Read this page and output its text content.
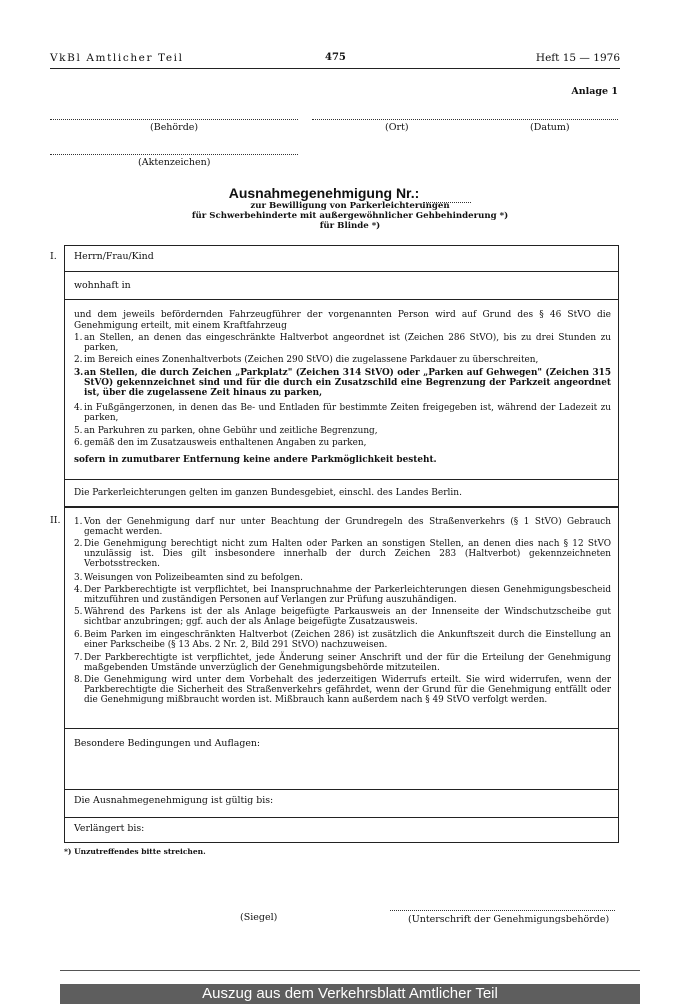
VkBl Amtlicher Teil	475	Heft 15 — 1976
Anlage 1
(Behörde)	(Ort)	(Datum)
(Aktenzeichen)
Ausnahmegenehmigung Nr.:
zur Bewilligung von Parkerleichterungen
für Schwerbehinderte mit außergewöhnlicher Gehbehinderung *)
für Blinde *)
I. Herrn/Frau/Kind
wohnhaft in
und dem jeweils befördernden Fahrzeugführer der vorgenannten Person wird auf Grund des § 46 StVO die Genehmigung erteilt, mit einem Kraftfahrzeug
1. an Stellen, an denen das eingeschränkte Haltverbot angeordnet ist (Zeichen 286 StVO), bis zu drei Stunden zu parken,
2. im Bereich eines Zonenhaltverbots (Zeichen 290 StVO) die zugelassene Parkdauer zu überschreiten,
3. an Stellen, die durch Zeichen „Parkplatz" (Zeichen 314 StVO) oder „Parken auf Gehwegen" (Zeichen 315 StVO) gekennzeichnet sind und für die durch ein Zusatzschild eine Begrenzung der Parkzeit angeordnet ist, über die zugelassene Zeit hinaus zu parken,
4. in Fußgängerzonen, in denen das Be- und Entladen für bestimmte Zeiten freigegeben ist, während der Ladezeit zu parken,
5. an Parkuhren zu parken, ohne Gebühr und zeitliche Begrenzung,
6. gemäß den im Zusatzausweis enthaltenen Angaben zu parken,
sofern in zumutbarer Entfernung keine andere Parkmöglichkeit besteht.
Die Parkerleichterungen gelten im ganzen Bundesgebiet, einschl. des Landes Berlin.
II. 1. Von der Genehmigung darf nur unter Beachtung der Grundregeln des Straßenverkehrs (§ 1 StVO) Gebrauch gemacht werden.
2. Die Genehmigung berechtigt nicht zum Halten oder Parken an sonstigen Stellen, an denen dies nach § 12 StVO unzulässig ist. Dies gilt insbesondere innerhalb der durch Zeichen 283 (Haltverbot) gekennzeichneten Verbotsstrecken.
3. Weisungen von Polizeibeamten sind zu befolgen.
4. Der Parkberechtigte ist verpflichtet, bei Inanspruchnahme der Parkerleichterungen diesen Genehmigungsbescheid mitzuführen und zuständigen Personen auf Verlangen zur Prüfung auszuhändigen.
5. Während des Parkens ist der als Anlage beigefügte Parkausweis an der Innenseite der Windschutzscheibe gut sichtbar anzubringen; ggf. auch der als Anlage beigefügte Zusatzausweis.
6. Beim Parken im eingeschränkten Haltverbot (Zeichen 286) ist zusätzlich die Ankunftszeit durch die Einstellung an einer Parkscheibe (§ 13 Abs. 2 Nr. 2, Bild 291 StVO) nachzuweisen.
7. Der Parkberechtigte ist verpflichtet, jede Änderung seiner Anschrift und der für die Erteilung der Genehmigung maßgebenden Umstände unverzüglich der Genehmigungsbehörde mitzuteilen.
8. Die Genehmigung wird unter dem Vorbehalt des jederzeitigen Widerrufs erteilt. Sie wird widerrufen, wenn der Parkberechtigte die Sicherheit des Straßenverkehrs gefährdet, wenn der Grund für die Genehmigung entfällt oder die Genehmigung mißbraucht worden ist. Mißbrauch kann außerdem nach § 49 StVO verfolgt werden.
Besondere Bedingungen und Auflagen:
Die Ausnahmegenehmigung ist gültig bis:
Verlängert bis:
*) Unzutreffendes bitte streichen.
(Siegel)	(Unterschrift der Genehmigungsbehörde)
Auszug aus dem Verkehrsblatt Amtlicher Teil
